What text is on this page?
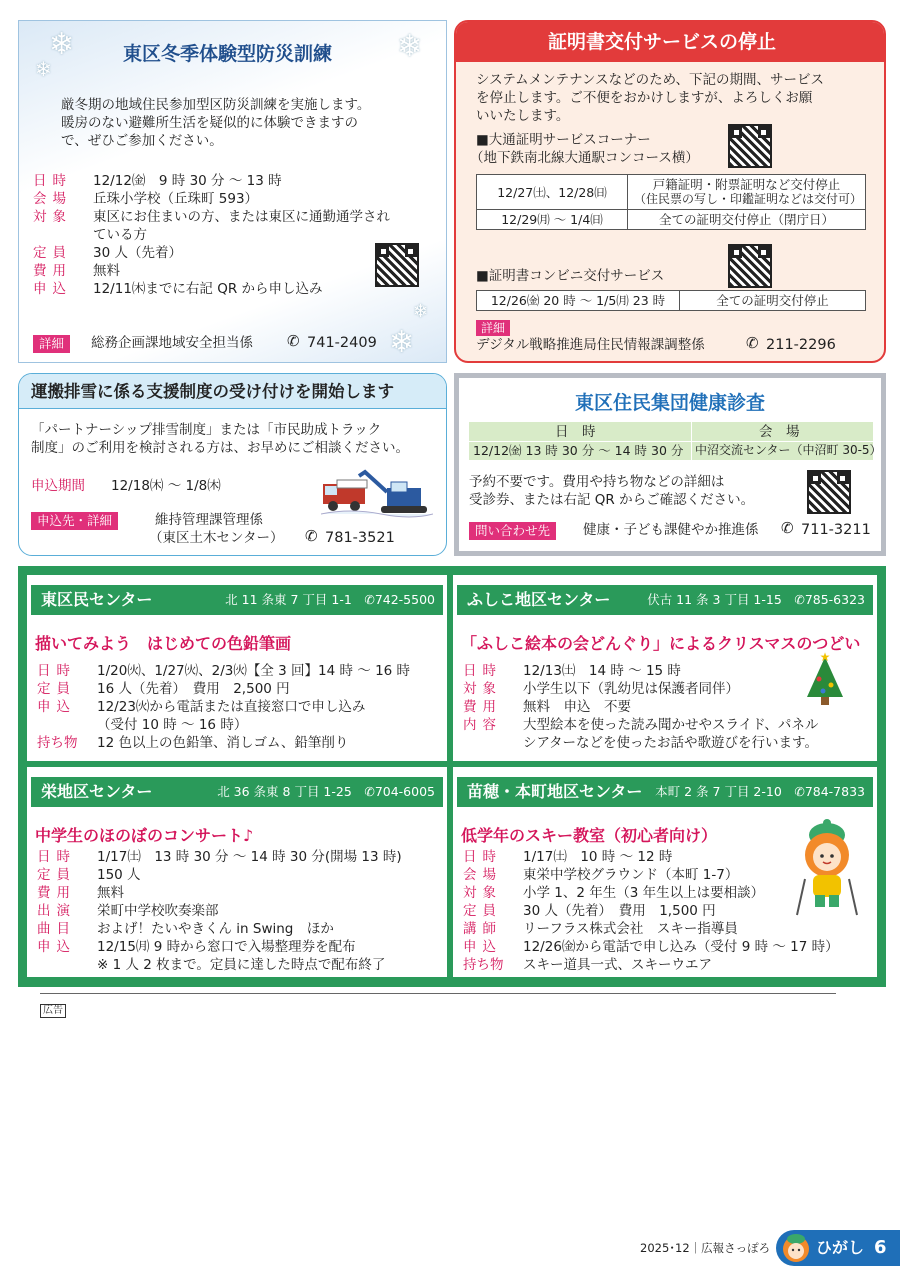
❄
❄
❄
❄
❄
東区冬季体験型防災訓練
厳冬期の地域住民参加型区防災訓練を実施します。
暖房のない避難所生活を疑似的に体験できますの
で、ぜひご参加ください。
日時 12/12㈮　9 時 30 分 ～ 13 時
会場 丘珠小学校（丘珠町 593）
対象 東区にお住まいの方、または東区に通勤通学され
ている方
定員 30 人（先着）
費用 無料
申込 12/11㈭までに右記 QR から申し込み
詳細	総務企画課地域安全担当係 ✆ 741-2409
証明書交付サービスの停止
システムメンテナンスなどのため、下記の期間、サービス
を停止します。ご不便をおかけしますが、よろしくお願
いいたします。
■大通証明サービスコーナー
（地下鉄南北線大通駅コンコース横）
12/27㈯、12/28㈰	戸籍証明・附票証明など交付停止
（住民票の写し・印鑑証明などは交付可）

12/29㈪ ～ 1/4㈰	全ての証明交付停止（閉庁日）
■証明書コンビニ交付サービス
12/26㈮ 20 時 ～ 1/5㈪ 23 時	全ての証明交付停止
詳細
デジタル戦略推進局住民情報課調整係	✆ 211-2296
運搬排雪に係る支援制度の受け付けを開始します
「パートナーシップ排雪制度」または「市民助成トラック
制度」のご利用を検討される方は、お早めにご相談ください。
申込期間 12/18㈭ ～ 1/8㈭
申込先・詳細	維持管理課管理係
（東区土木センター） ✆ 781-3521
東区住民集団健康診査
日　時	会　場
12/12㈮ 13 時 30 分 ～ 14 時 30 分 中沼交流センター（中沼町 30-5）
予約不要です。費用や持ち物などの詳細は
受診券、または右記 QR からご確認ください。
問い合わせ先	健康・子ども課健やか推進係 ✆ 711-3211
東区民センター	北 11 条東 7 丁目 1-1　 ✆742-5500
描いてみよう　はじめての色鉛筆画
日時 1/20㈫、1/27㈫、2/3㈫【全 3 回】14 時 ～ 16 時
定員 16 人（先着）　費用　2,500 円
申込 12/23㈫から電話または直接窓口で申し込み
（受付 10 時 ～ 16 時）
持ち物 12 色以上の色鉛筆、消しゴム、鉛筆削り
ふしこ地区センター	伏古 11 条 3 丁目 1-15　 ✆785-6323
「ふしこ絵本の会どんぐり」によるクリスマスのつどい
日時 12/13㈯　14 時 ～ 15 時
対象 小学生以下（乳幼児は保護者同伴）
費用 無料　申込　不要
内容 大型絵本を使った読み聞かせやスライド、パネル
シアターなどを使ったお話や歌遊びを行います。
★
栄地区センター	北 36 条東 8 丁目 1-25　 ✆704-6005
中学生のほのぼのコンサート♪
日時 1/17㈯　13 時 30 分 ～ 14 時 30 分(開場 13 時)
定員 150 人
費用 無料
出演 栄町中学校吹奏楽部
曲目 およげ！たいやきくん in Swing　ほか
申込 12/15㈪ 9 時から窓口で入場整理券を配布
※ 1 人 2 枚まで。定員に達した時点で配布終了
苗穂・本町地区センター 本町 2 条 7 丁目 2-10　 ✆784-7833
低学年のスキー教室（初心者向け）
日時 1/17㈯　10 時 ～ 12 時
会場 東栄中学校グラウンド（本町 1-7）
対象 小学 1、2 年生（3 年生以上は要相談）
定員 30 人（先着）　費用　1,500 円
講師 リーフラス株式会社　スキー指導員
申込 12/26㈮から電話で申し込み（受付 9 時 ～ 17 時）
持ち物 スキー道具一式、スキーウエア
広告
2025･12｜広報さっぽろ	ひがし 6
